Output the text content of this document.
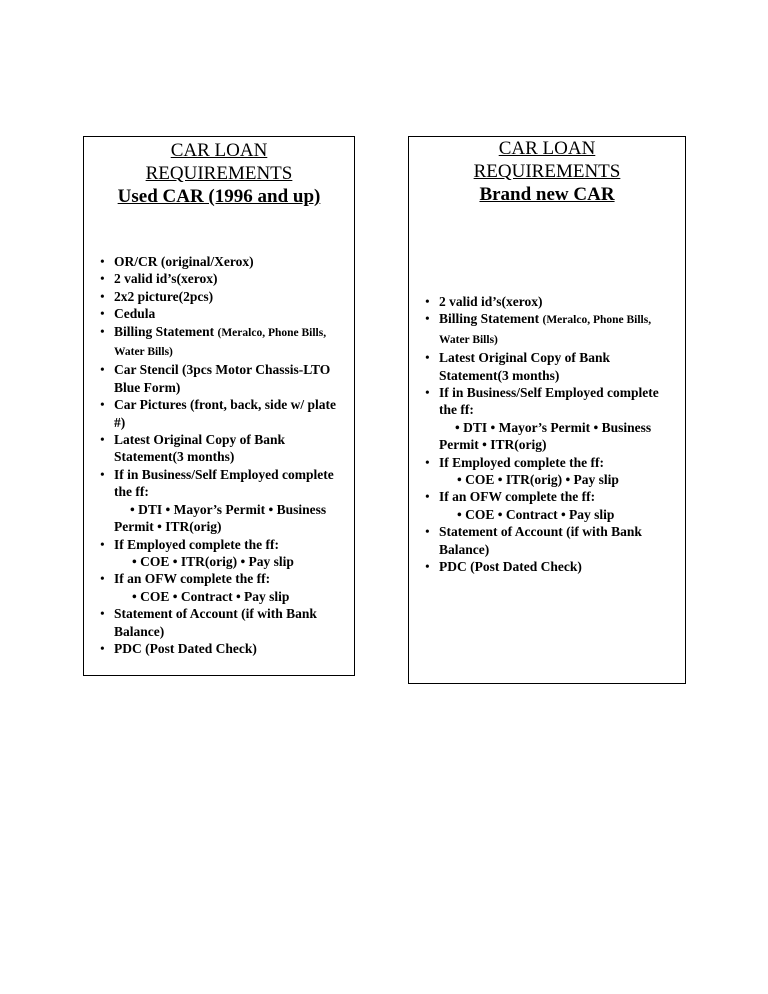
CAR LOAN
REQUIREMENTS
Used CAR (1996 and up)
• OR/CR (original/Xerox)
• 2 valid id’s(xerox)
• 2x2 picture(2pcs)
• Cedula
• Billing Statement (Meralco, Phone Bills, Water Bills)
• Car Stencil (3pcs Motor Chassis-LTO Blue Form)
• Car Pictures (front, back, side w/ plate #)
• Latest Original Copy of Bank Statement(3 months)
• If in Business/Self Employed complete the ff:
• DTI • Mayor’s Permit • Business Permit • ITR(orig)
• If Employed complete the ff:
• COE • ITR(orig) • Pay slip
• If an OFW complete the ff:
• COE • Contract • Pay slip
• Statement of Account (if with Bank Balance)
• PDC (Post Dated Check)
CAR LOAN
REQUIREMENTS
Brand new CAR
• 2 valid id’s(xerox)
• Billing Statement (Meralco, Phone Bills, Water Bills)
• Latest Original Copy of Bank Statement(3 months)
• If in Business/Self Employed complete the ff:
• DTI • Mayor’s Permit • Business Permit • ITR(orig)
• If Employed complete the ff:
• COE • ITR(orig) • Pay slip
• If an OFW complete the ff:
• COE • Contract • Pay slip
• Statement of Account (if with Bank Balance)
• PDC (Post Dated Check)
